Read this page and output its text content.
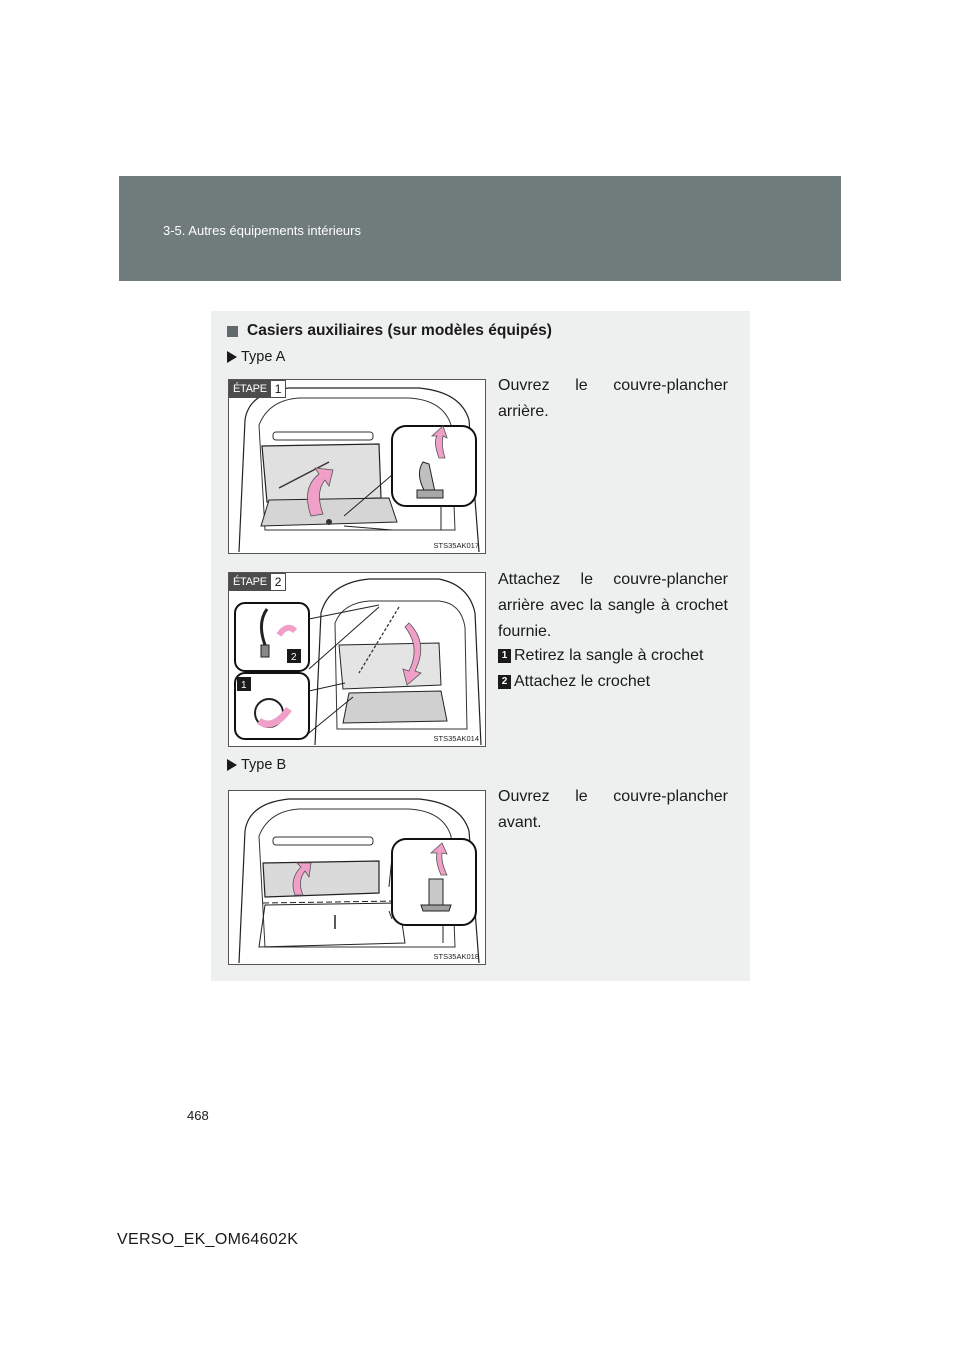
3-5. Autres équipements intérieurs
Casiers auxiliaires (sur modèles équipés)
Type A
ÉTAPE 1
STS35AK017
Ouvrez le couvre-plancher arrière.
2
1
ÉTAPE 2
STS35AK014
Attachez le couvre-plancher arrière avec la sangle à crochet fournie.
1 Retirez la sangle à crochet
2 Attachez le crochet
Type B
STS35AK018
Ouvrez le couvre-plancher avant.
468
VERSO_EK_OM64602K
